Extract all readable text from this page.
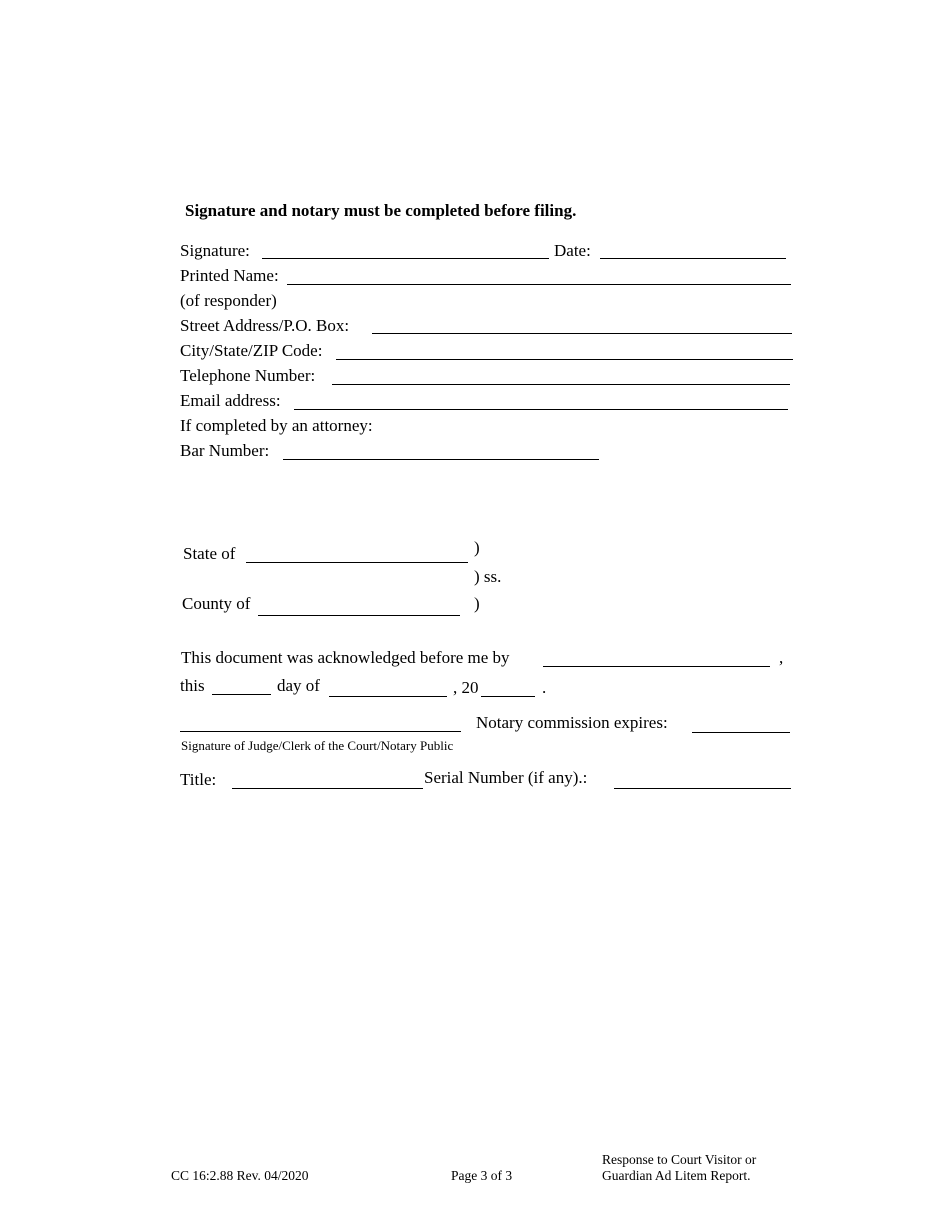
Signature and notary must be completed before filing.
Signature:	Date:
Printed Name:
(of responder)
Street Address/P.O. Box:
City/State/ZIP Code:
Telephone Number:
Email address:
If completed by an attorney:
Bar Number:
State of	)
) ss.
County of	)
This document was acknowledged before me by	,
this	day of	, 20	.
Notary commission expires:
Signature of Judge/Clerk of the Court/Notary Public
Title:	Serial Number (if any).:
CC 16:2.88 Rev. 04/2020	Page 3 of 3
Response to Court Visitor or
Guardian Ad Litem Report.
